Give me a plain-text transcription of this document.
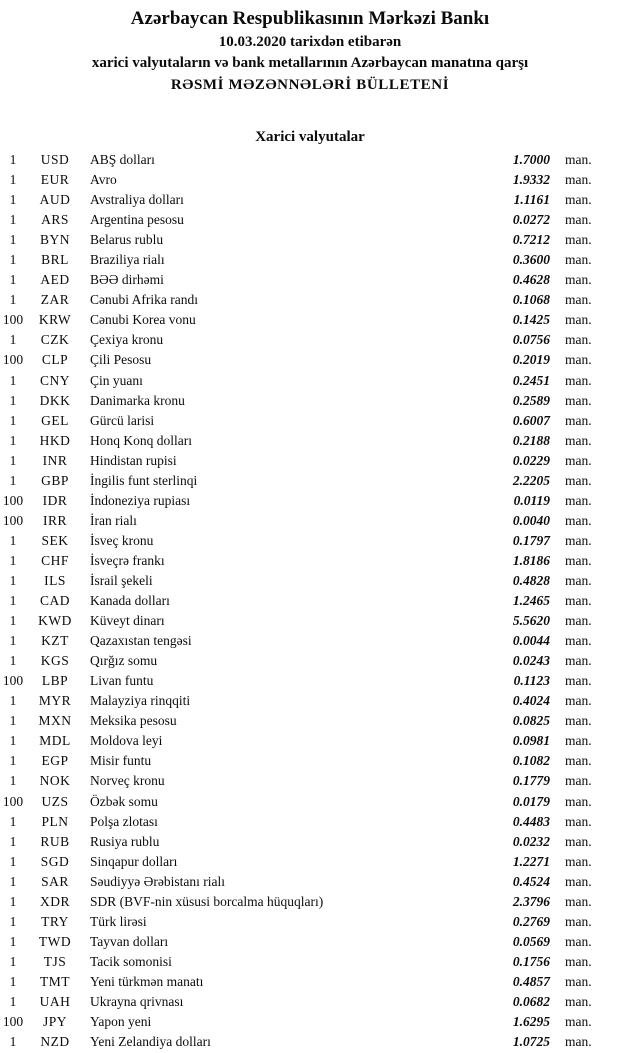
Azərbaycan Respublikasının Mərkəzi Bankı
10.03.2020 tarixdən etibarən
xarici valyutaların və bank metallarının Azərbaycan manatına qarşı
RƏSMİ MƏZƏNNƏLƏRİ BÜLLETENİ
Xarici valyutalar
1	USD	ABŞ dolları	1.7000	man.
1	EUR	Avro	1.9332	man.
1	AUD	Avstraliya dolları	1.1161	man.
1	ARS	Argentina pesosu	0.0272	man.
1	BYN	Belarus rublu	0.7212	man.
1	BRL	Braziliya rialı	0.3600	man.
1	AED	BƏƏ dirhəmi	0.4628	man.
1	ZAR	Cənubi Afrika randı	0.1068	man.
100	KRW	Cənubi Korea vonu	0.1425	man.
1	CZK	Çexiya kronu	0.0756	man.
100	CLP	Çili Pesosu	0.2019	man.
1	CNY	Çin yuanı	0.2451	man.
1	DKK	Danimarka kronu	0.2589	man.
1	GEL	Gürcü larisi	0.6007	man.
1	HKD	Honq Konq dolları	0.2188	man.
1	INR	Hindistan rupisi	0.0229	man.
1	GBP	İngilis funt sterlinqi	2.2205	man.
100	IDR	İndoneziya rupiası	0.0119	man.
100	IRR	İran rialı	0.0040	man.
1	SEK	İsveç kronu	0.1797	man.
1	CHF	İsveçrə frankı	1.8186	man.
1	ILS	İsrail şekeli	0.4828	man.
1	CAD	Kanada dolları	1.2465	man.
1	KWD	Küveyt dinarı	5.5620	man.
1	KZT	Qazaxıstan tengəsi	0.0044	man.
1	KGS	Qırğız somu	0.0243	man.
100	LBP	Livan funtu	0.1123	man.
1	MYR	Malayziya rinqqiti	0.4024	man.
1	MXN	Meksika pesosu	0.0825	man.
1	MDL	Moldova leyi	0.0981	man.
1	EGP	Misir funtu	0.1082	man.
1	NOK	Norveç kronu	0.1779	man.
100	UZS	Özbək somu	0.0179	man.
1	PLN	Polşa zlotası	0.4483	man.
1	RUB	Rusiya rublu	0.0232	man.
1	SGD	Sinqapur dolları	1.2271	man.
1	SAR	Səudiyyə Ərəbistanı rialı	0.4524	man.
1	XDR	SDR (BVF-nin xüsusi borcalma hüquqları)	2.3796	man.
1	TRY	Türk lirəsi	0.2769	man.
1	TWD	Tayvan dolları	0.0569	man.
1	TJS	Tacik somonisi	0.1756	man.
1	TMT	Yeni türkmən manatı	0.4857	man.
1	UAH	Ukrayna qrivnası	0.0682	man.
100	JPY	Yapon yeni	1.6295	man.
1	NZD	Yeni Zelandiya dolları	1.0725	man.
